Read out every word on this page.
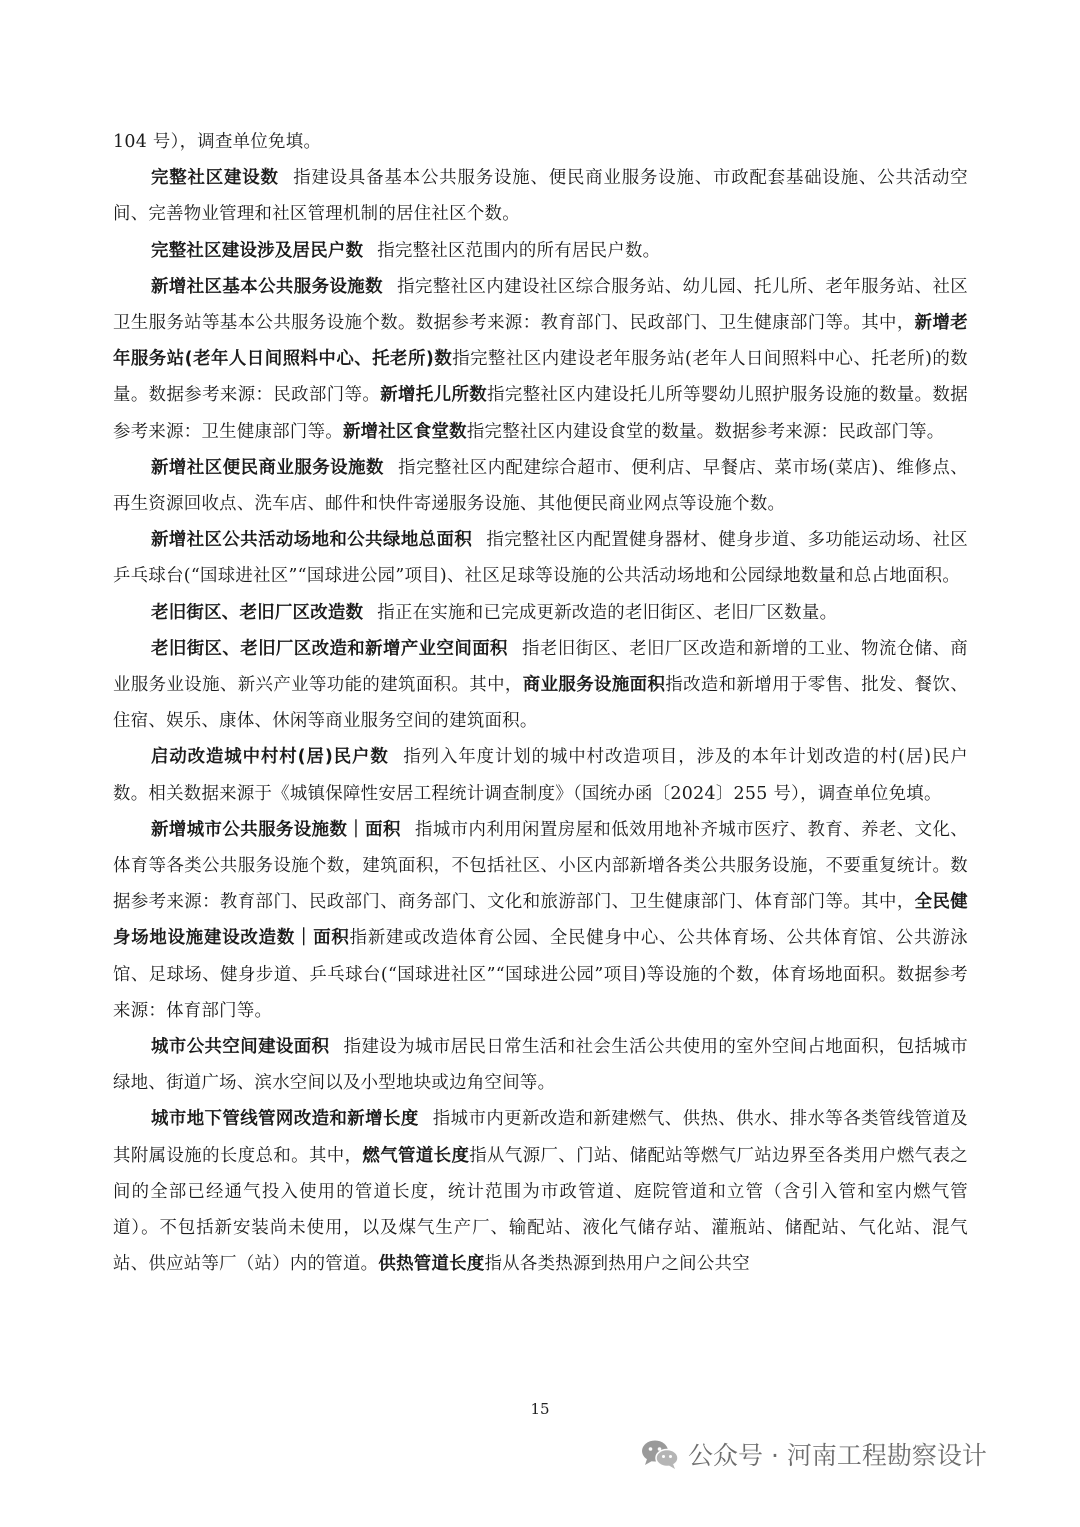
104 号），调查单位免填。

完整社区建设数 指建设具备基本公共服务设施、便民商业服务设施、市政配套基础设施、公共活动空间、完善物业管理和社区管理机制的居住社区个数。

完整社区建设涉及居民户数 指完整社区范围内的所有居民户数。

新增社区基本公共服务设施数 指完整社区内建设社区综合服务站、幼儿园、托儿所、老年服务站、社区卫生服务站等基本公共服务设施个数。数据参考来源：教育部门、民政部门、卫生健康部门等。其中，新增老年服务站(老年人日间照料中心、托老所)数指完整社区内建设老年服务站(老年人日间照料中心、托老所)的数量。数据参考来源：民政部门等。新增托儿所数指完整社区内建设托儿所等婴幼儿照护服务设施的数量。数据参考来源：卫生健康部门等。新增社区食堂数指完整社区内建设食堂的数量。数据参考来源：民政部门等。

新增社区便民商业服务设施数 指完整社区内配建综合超市、便利店、早餐店、菜市场(菜店)、维修点、再生资源回收点、洗车店、邮件和快件寄递服务设施、其他便民商业网点等设施个数。

新增社区公共活动场地和公共绿地总面积 指完整社区内配置健身器材、健身步道、多功能运动场、社区乒乓球台(“国球进社区”“国球进公园”项目)、社区足球等设施的公共活动场地和公园绿地数量和总占地面积。

老旧街区、老旧厂区改造数 指正在实施和已完成更新改造的老旧街区、老旧厂区数量。

老旧街区、老旧厂区改造和新增产业空间面积 指老旧街区、老旧厂区改造和新增的工业、物流仓储、商业服务业设施、新兴产业等功能的建筑面积。其中，商业服务设施面积指改造和新增用于零售、批发、餐饮、住宿、娱乐、康体、休闲等商业服务空间的建筑面积。

启动改造城中村村(居)民户数 指列入年度计划的城中村改造项目，涉及的本年计划改造的村(居)民户数。相关数据来源于《城镇保障性安居工程统计调查制度》（国统办函〔2024〕255 号），调查单位免填。

新增城市公共服务设施数｜面积 指城市内利用闲置房屋和低效用地补齐城市医疗、教育、养老、文化、体育等各类公共服务设施个数，建筑面积，不包括社区、小区内部新增各类公共服务设施，不要重复统计。数据参考来源：教育部门、民政部门、商务部门、文化和旅游部门、卫生健康部门、体育部门等。其中，全民健身场地设施建设改造数｜面积指新建或改造体育公园、全民健身中心、公共体育场、公共体育馆、公共游泳馆、足球场、健身步道、乒乓球台(“国球进社区”“国球进公园”项目)等设施的个数，体育场地面积。数据参考来源：体育部门等。

城市公共空间建设面积 指建设为城市居民日常生活和社会生活公共使用的室外空间占地面积，包括城市绿地、街道广场、滨水空间以及小型地块或边角空间等。

城市地下管线管网改造和新增长度 指城市内更新改造和新建燃气、供热、供水、排水等各类管线管道及其附属设施的长度总和。其中，燃气管道长度指从气源厂、门站、储配站等燃气厂站边界至各类用户燃气表之间的全部已经通气投入使用的管道长度，统计范围为市政管道、庭院管道和立管（含引入管和室内燃气管道）。不包括新安装尚未使用，以及煤气生产厂、输配站、液化气储存站、灌瓶站、储配站、气化站、混气站、供应站等厂（站）内的管道。供热管道长度指从各类热源到热用户之间公共空

15
公众号 · 河南工程勘察设计
